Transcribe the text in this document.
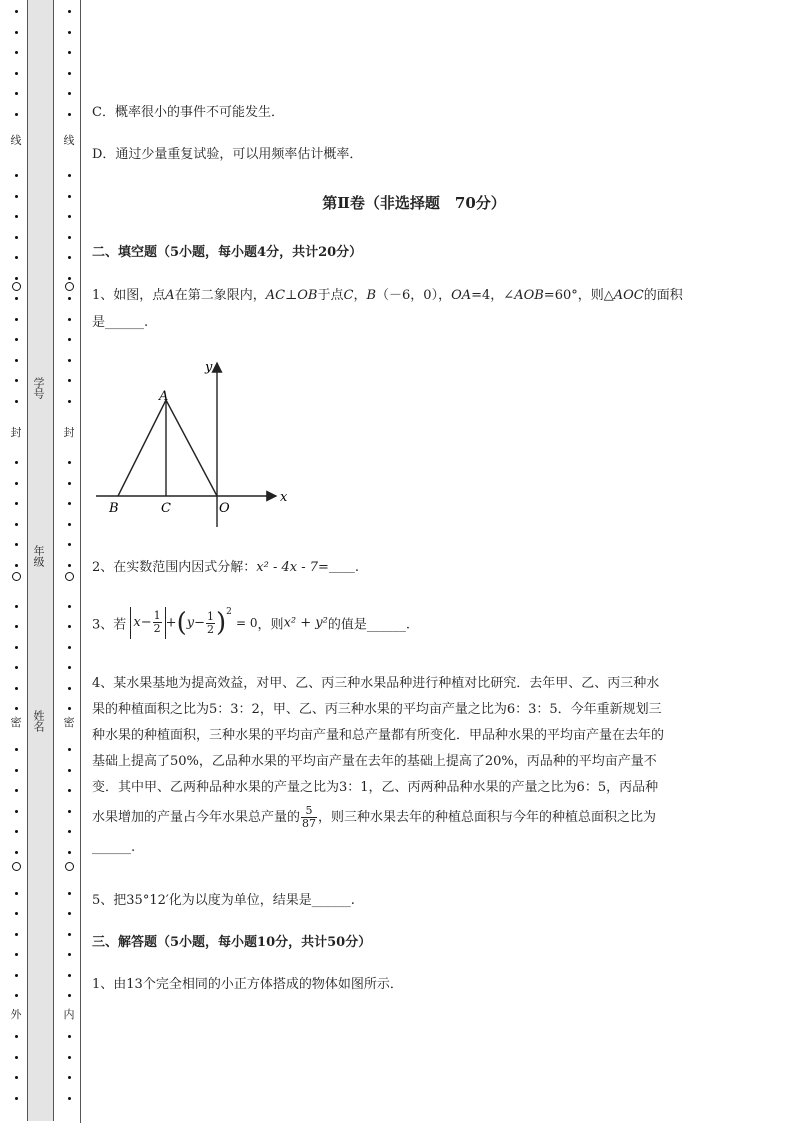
线
封
密
外
线
封
密
内
学号
年级
姓名
C．概率很小的事件不可能发生．
D．通过少量重复试验，可以用频率估计概率．
第Ⅱ卷（非选择题　70分）
二、填空题（5小题，每小题4分，共计20分）
1、如图，点A在第二象限内，AC⊥OB于点C，B（－6，0），OA=4，∠AOB=60°，则△AOC的面积
是______.
y
x
A
B	C	O
2、在实数范围内因式分解：x² - 4x - 7=＿＿.
3、若 $x- \frac{1}{2} +(y- \frac{1}{2} )^2 = 0$，则x² + y²的值是______.
4、某水果基地为提高效益，对甲、乙、丙三种水果品种进行种植对比研究．去年甲、乙、丙三种水
果的种植面积之比为5：3：2，甲、乙、丙三种水果的平均亩产量之比为6：3：5．今年重新规划三
种水果的种植面积，三种水果的平均亩产量和总产量都有所变化．甲品种水果的平均亩产量在去年的
基础上提高了50%，乙品种水果的平均亩产量在去年的基础上提高了20%，丙品种的平均亩产量不
变．其中甲、乙两种品种水果的产量之比为3：1，乙、丙两种品种水果的产量之比为6：5，丙品种
水果增加的产量占今年水果总产量的 $\frac{5}{87}$ ，则三种水果去年的种植总面积与今年的种植总面积之比为
______.
5、把35°12′化为以度为单位，结果是______.
三、解答题（5小题，每小题10分，共计50分）
1、由13个完全相同的小正方体搭成的物体如图所示．
